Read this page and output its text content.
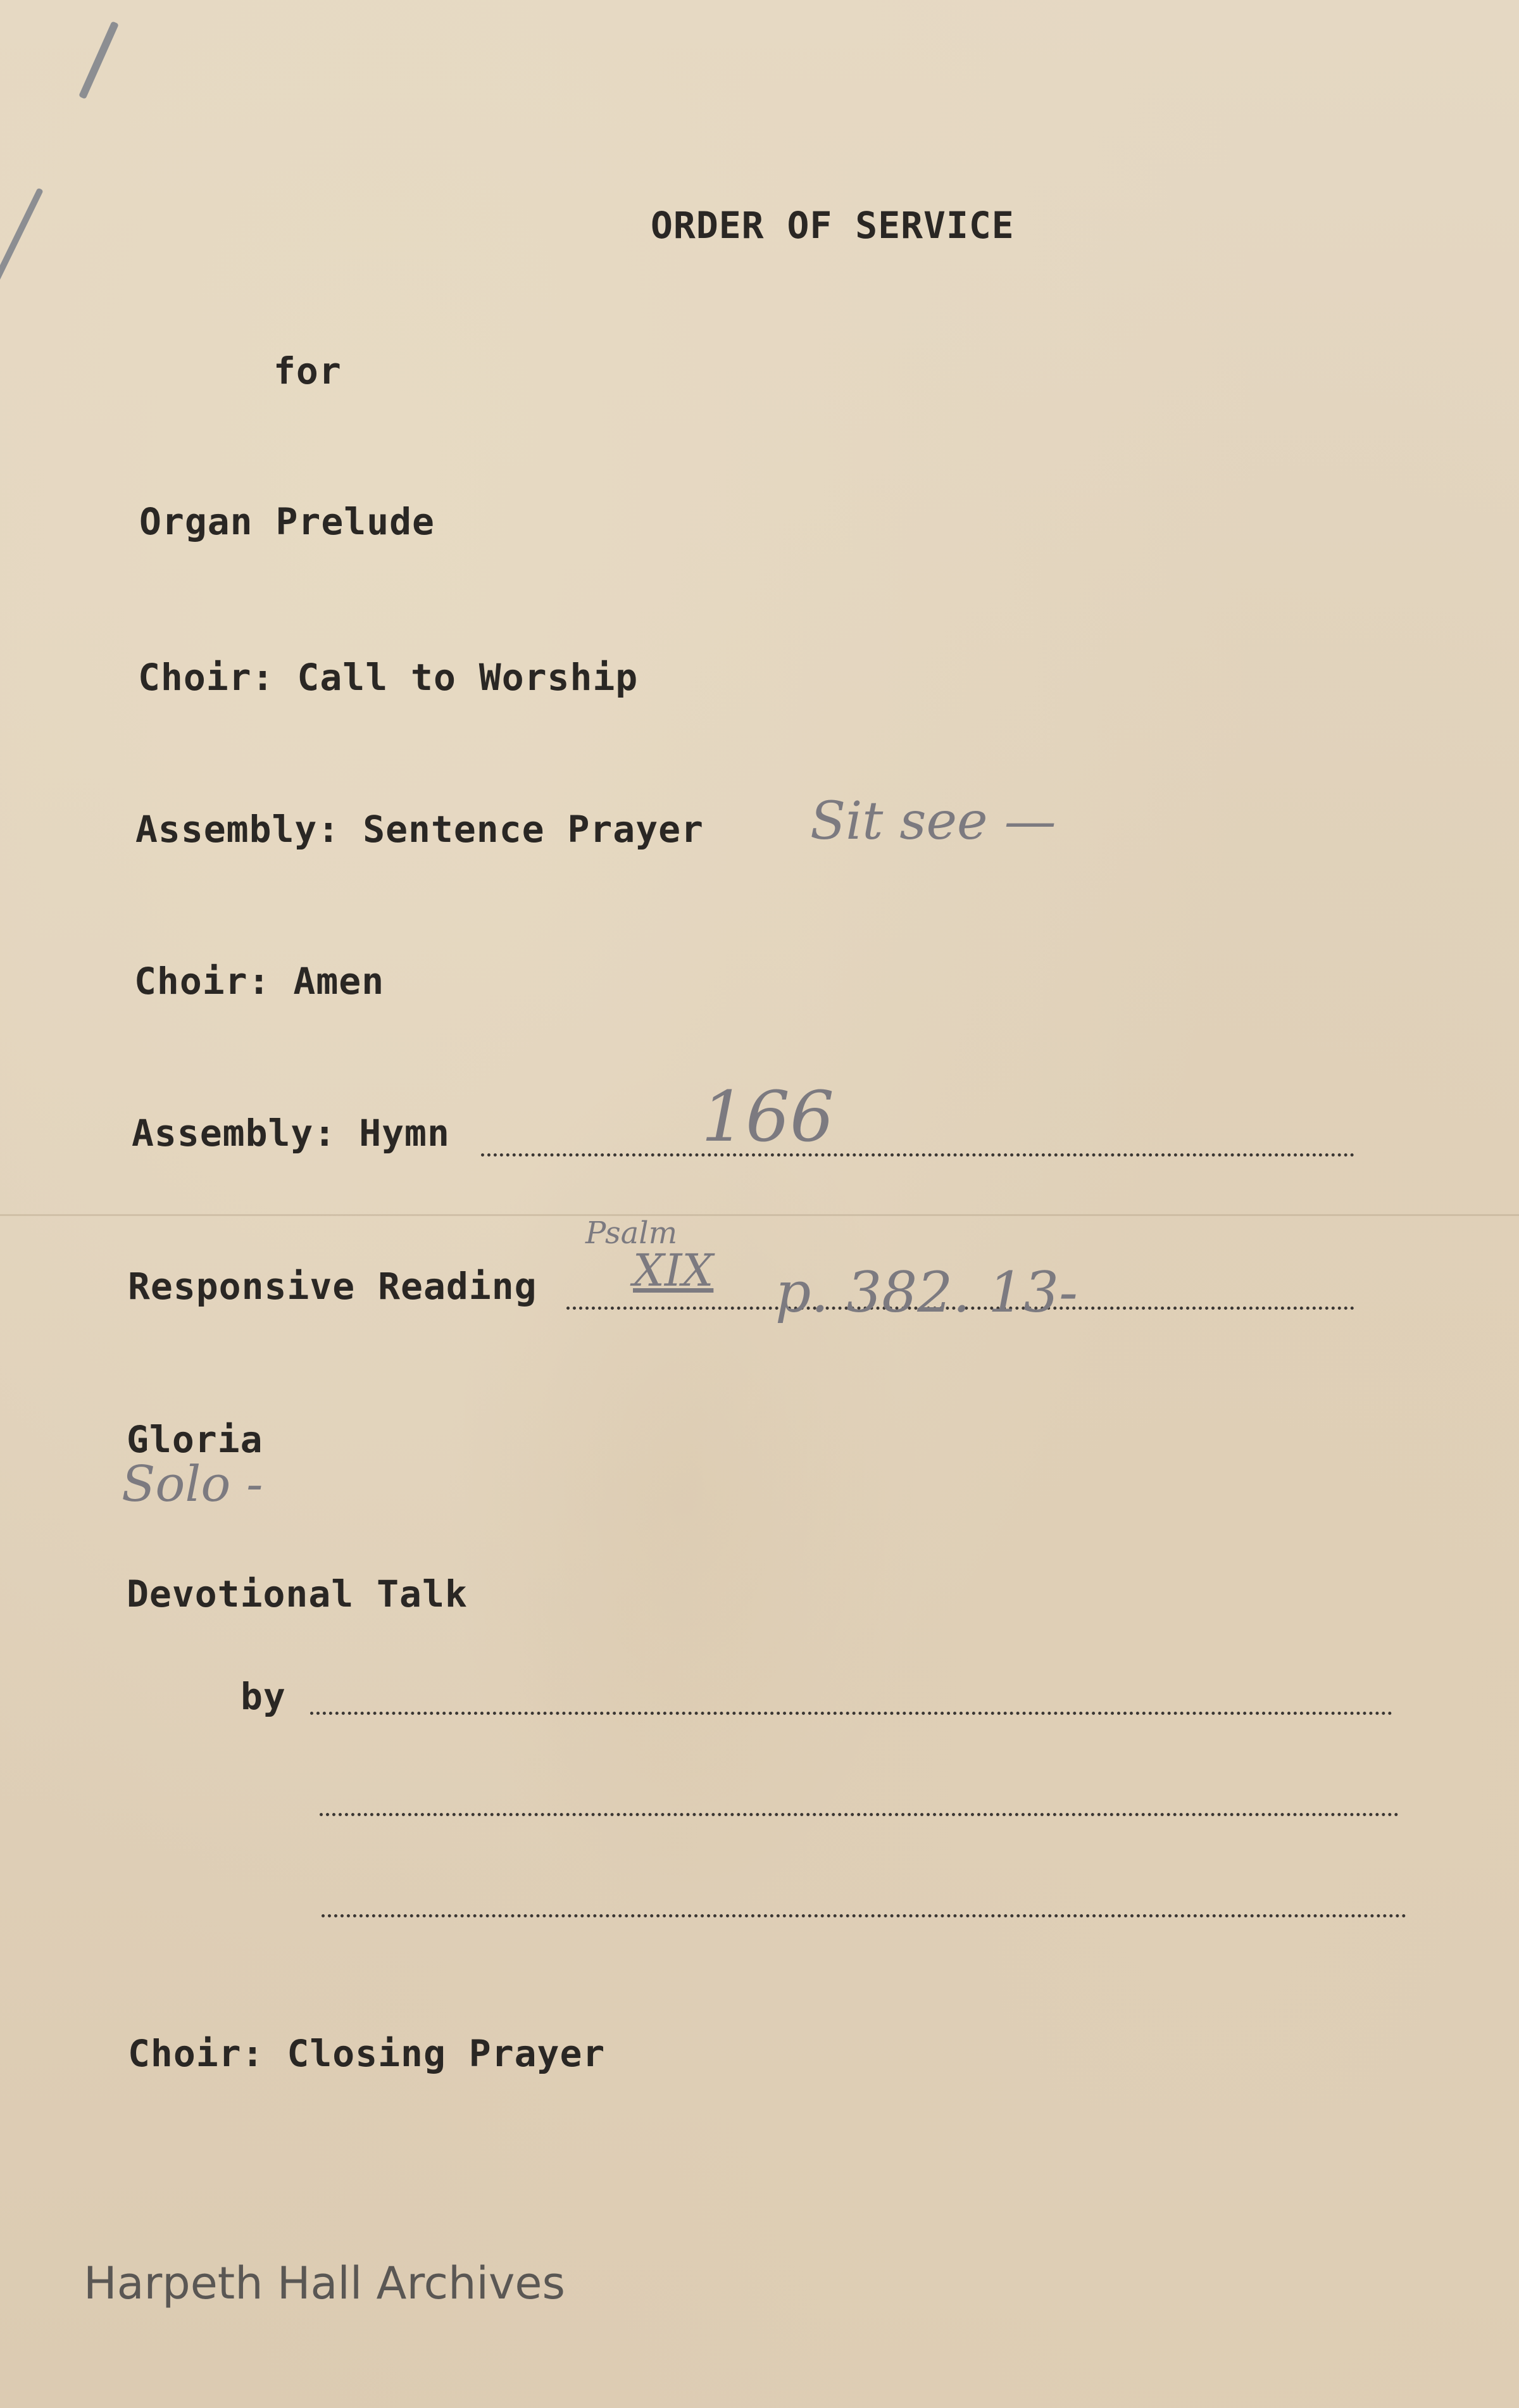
ORDER OF SERVICE
for
Organ Prelude
Choir: Call to Worship
Assembly: Sentence Prayer Sit see —
Choir: Amen
Assembly: Hymn	166
Responsive Reading
Psalm
XIX p. 382. 13-
Gloria
Solo -
Devotional Talk
by
Choir: Closing Prayer
Harpeth Hall Archives
